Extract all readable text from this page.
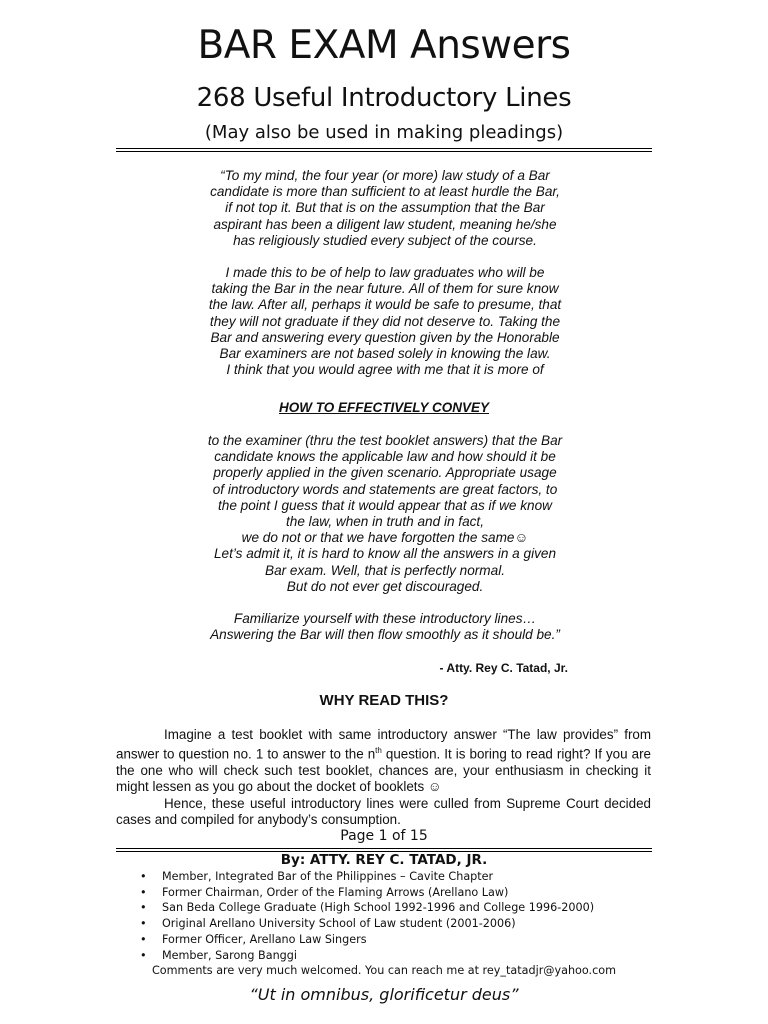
BAR EXAM Answers
268 Useful Introductory Lines
(May also be used in making pleadings)

“To my mind, the four year (or more) law study of a Bar

candidate is more than sufficient to at least hurdle the Bar,

if not top it. But that is on the assumption that the Bar

aspirant has been a diligent law student, meaning he/she

has religiously studied every subject of the course.

I made this to be of help to law graduates who will be

taking the Bar in the near future. All of them for sure know

the law. After all, perhaps it would be safe to presume, that

they will not graduate if they did not deserve to. Taking the

Bar and answering every question given by the Honorable

Bar examiners are not based solely in knowing the law.

I think that you would agree with me that it is more of

HOW TO EFFECTIVELY CONVEY

to the examiner (thru the test booklet answers) that the Bar

candidate knows the applicable law and how should it be

properly applied in the given scenario. Appropriate usage

of introductory words and statements are great factors, to

the point I guess that it would appear that as if we know

the law, when in truth and in fact,

we do not or that we have forgotten the same☺

Let’s admit it, it is hard to know all the answers in a given

Bar exam. Well, that is perfectly normal.

But do not ever get discouraged.

Familiarize yourself with these introductory lines…

Answering the Bar will then flow smoothly as it should be.”

- Atty. Rey C. Tatad, Jr.
WHY READ THIS?

Imagine a test booklet with same introductory answer “The law provides” from answer to question no. 1 to answer to the $n^{th}$ question. It is boring to read right? If you are the one who will check such test booklet, chances are, your enthusiasm in checking it might lessen as you go about the docket of booklets ☺

Hence, these useful introductory lines were culled from Supreme Court decided cases and compiled for anybody’s consumption.

Page 1 of 15
By: ATTY. REY C. TATAD, JR.
• Member, Integrated Bar of the Philippines – Cavite Chapter
• Former Chairman, Order of the Flaming Arrows (Arellano Law)
• San Beda College Graduate (High School 1992-1996 and College 1996-2000)
• Original Arellano University School of Law student (2001-2006)
• Former Officer, Arellano Law Singers
• Member, Sarong Banggi
Comments are very much welcomed. You can reach me at rey_tatadjr@yahoo.com
“Ut in omnibus, glorificetur deus”
